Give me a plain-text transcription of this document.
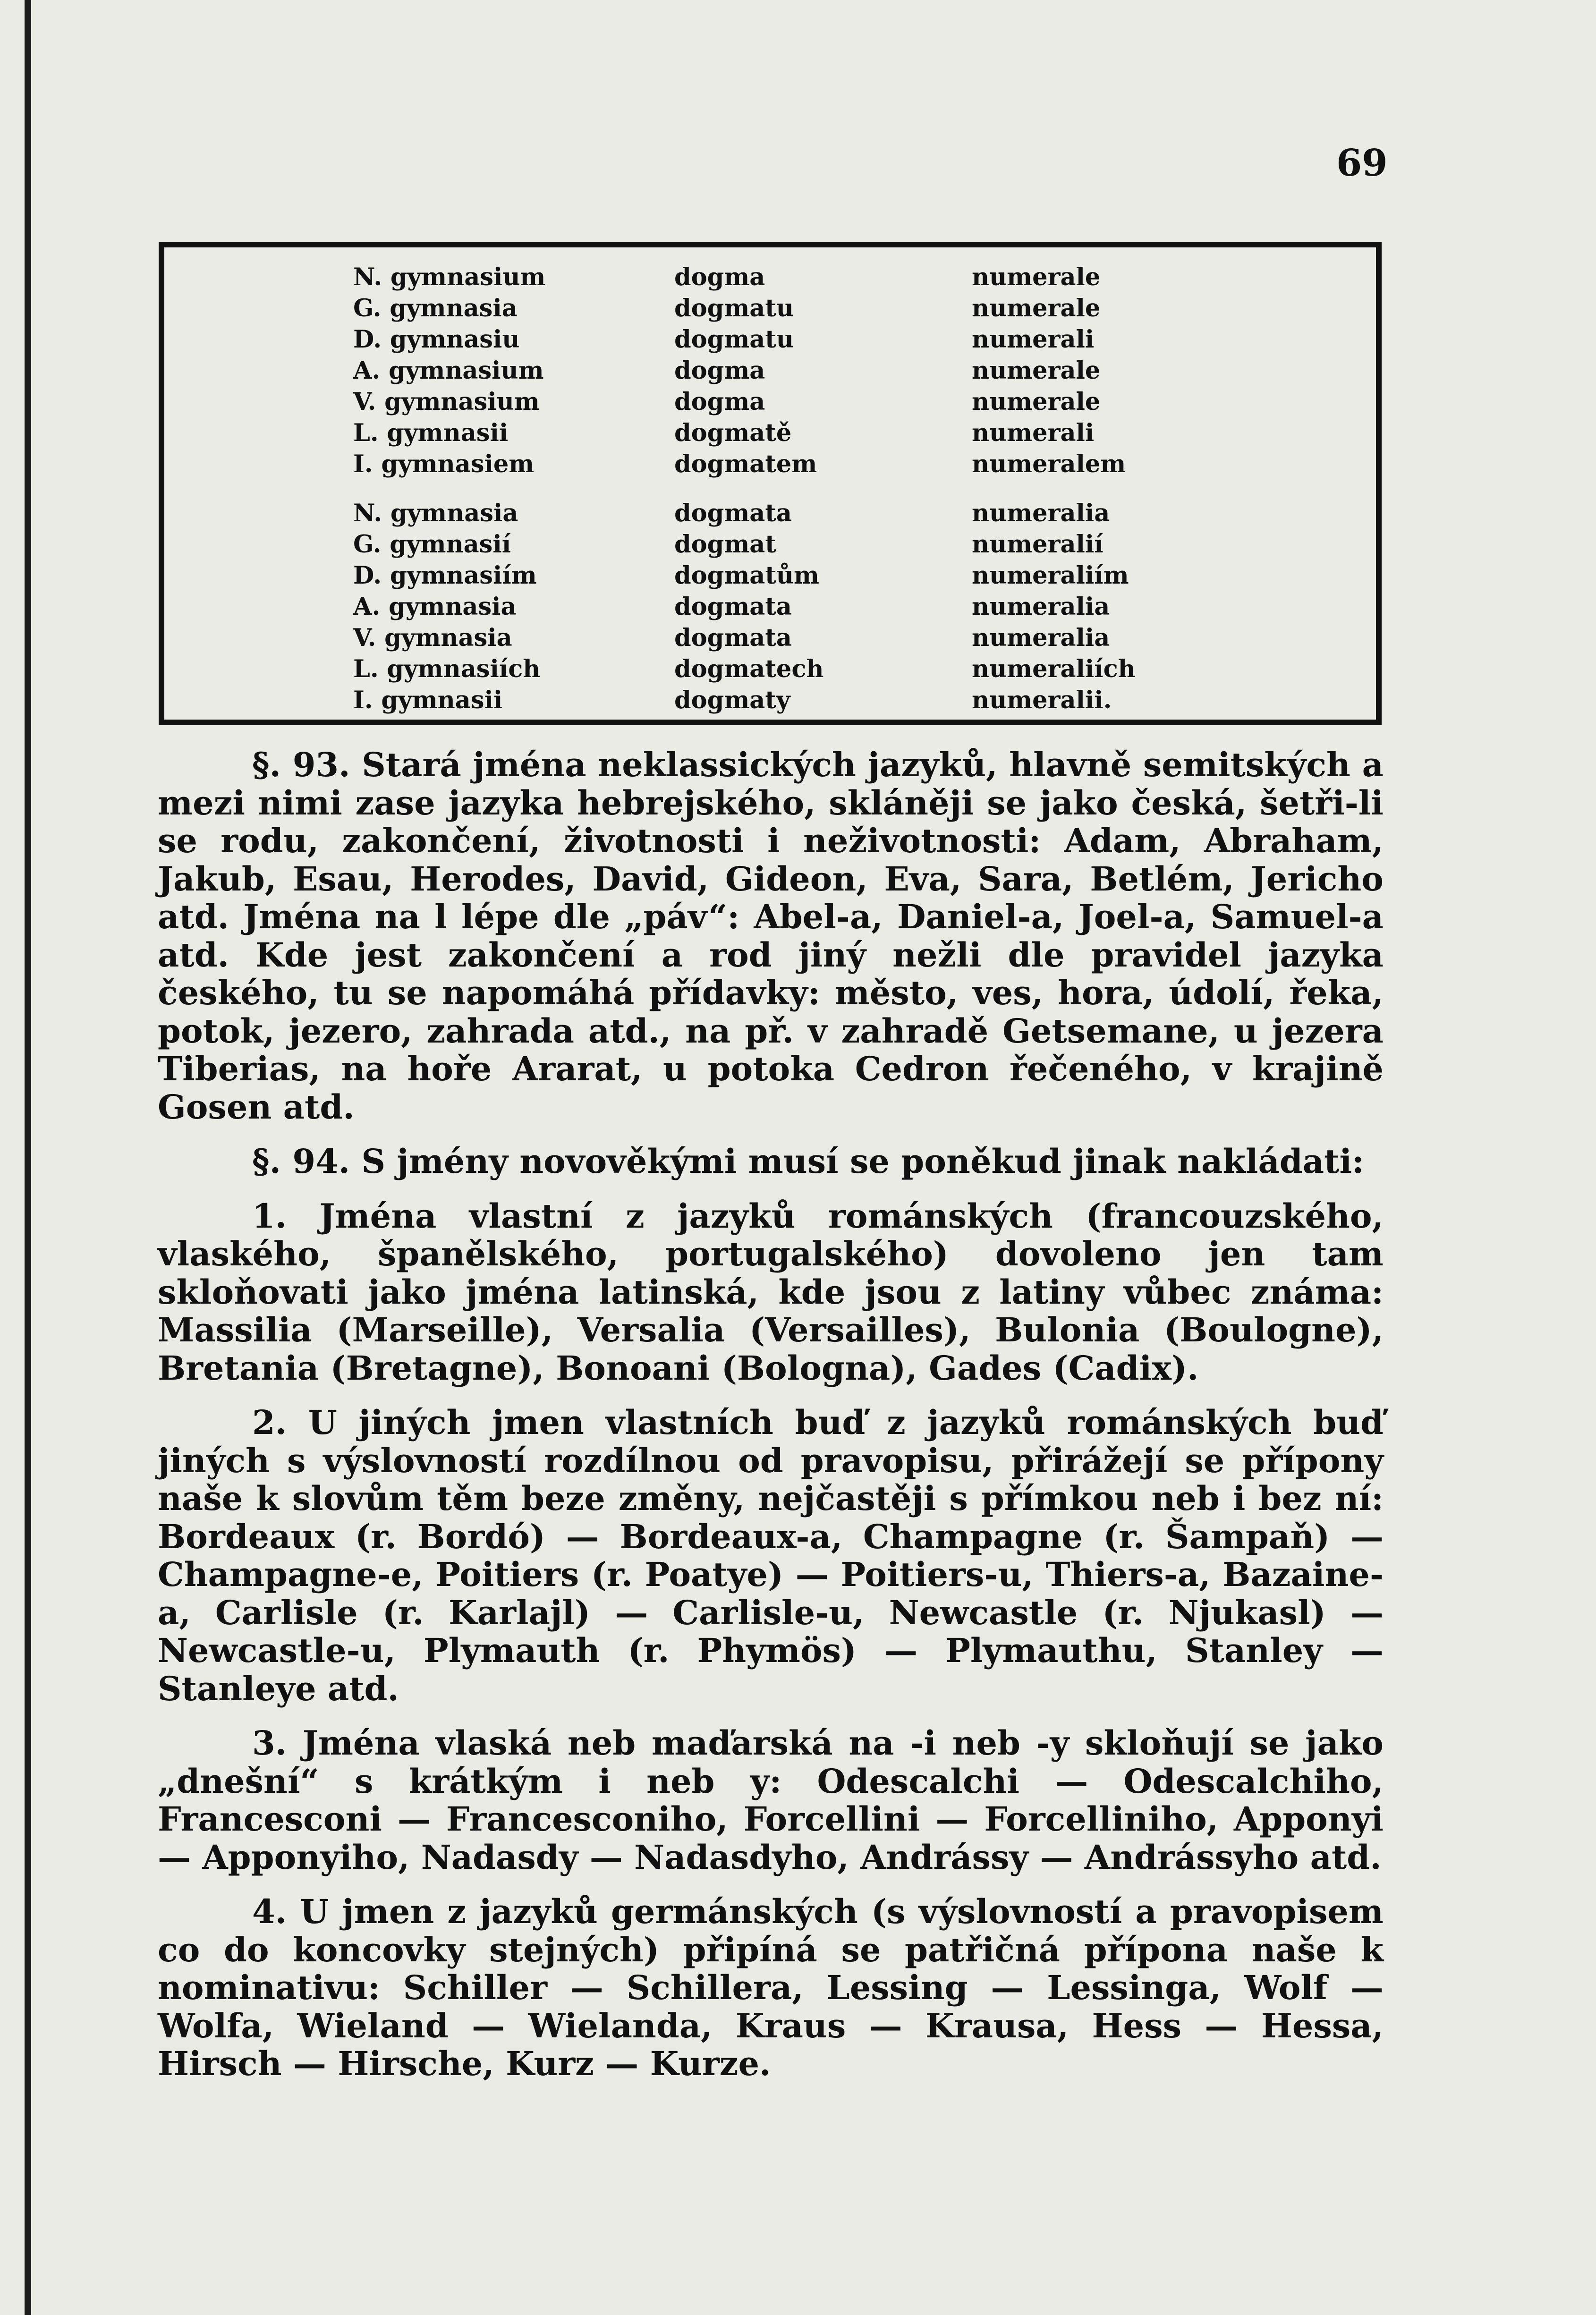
69
N. gymnasium	dogma	numerale
G. gymnasia	dogmatu	numerale
D. gymnasiu	dogmatu	numerali
A. gymnasium	dogma	numerale
V. gymnasium	dogma	numerale
L. gymnasii	dogmatě	numerali
I. gymnasiem	dogmatem	numeralem
N. gymnasia	dogmata	numeralia
G. gymnasií	dogmat	numeralií
D. gymnasiím	dogmatům	numeraliím
A. gymnasia	dogmata	numeralia
V. gymnasia	dogmata	numeralia
L. gymnasiích	dogmatech	numeraliích
I. gymnasii	dogmaty	numeralii.

§. 93. Stará jména neklassických jazyků, hlavně semitských a mezi nimi zase jazyka hebrejského, skláněji se jako česká, šetři-li se rodu, zakončení, životnosti i neživotnosti: Adam, Abraham, Jakub, Esau, Herodes, David, Gideon, Eva, Sara, Betlém, Jericho atd. Jména na l lépe dle „páv“: Abel-a, Daniel-a, Joel-a, Samuel-a atd. Kde jest zakončení a rod jiný nežli dle pravidel jazyka českého, tu se napomáhá přídavky: město, ves, hora, údolí, řeka, potok, jezero, zahrada atd., na př. v zahradě Getsemane, u jezera Tiberias, na hoře Ararat, u potoka Cedron řečeného, v krajině Gosen atd.

§. 94. S jmény novověkými musí se poněkud jinak nakládati:

1. Jména vlastní z jazyků románských (francouzského, vlaského, španělského, portugalského) dovoleno jen tam skloňovati jako jména latinská, kde jsou z latiny vůbec známa: Massilia (Marseille), Versalia (Versailles), Bulonia (Boulogne), Bretania (Bretagne), Bonoani (Bologna), Gades (Cadix).

2. U jiných jmen vlastních buď z jazyků románských buď jiných s výslovností rozdílnou od pravopisu, přirážejí se přípony naše k slovům těm beze změny, nejčastěji s přímkou neb i bez ní: Bordeaux (r. Bordó) — Bordeaux-a, Champagne (r. Šampaň) — Champagne-e, Poitiers (r. Poatye) — Poitiers-u, Thiers-a, Bazaine-a, Carlisle (r. Karlajl) — Carlisle-u, Newcastle (r. Njukasl) — Newcastle-u, Plymauth (r. Phymös) — Plymauthu, Stanley — Stanleye atd.

3. Jména vlaská neb maďarská na -i neb -y skloňují se jako „dnešní“ s krátkým i neb y: Odescalchi — Odescalchiho, Francesconi — Francesconiho, Forcellini — Forcelliniho, Apponyi — Apponyiho, Nadasdy — Nadasdyho, Andrássy — Andrássyho atd.

4. U jmen z jazyků germánských (s výslovností a pravopisem co do koncovky stejných) připíná se patřičná přípona naše k nominativu: Schiller — Schillera, Lessing — Lessinga, Wolf — Wolfa, Wieland — Wielanda, Kraus — Krausa, Hess — Hessa, Hirsch — Hirsche, Kurz — Kurze.
